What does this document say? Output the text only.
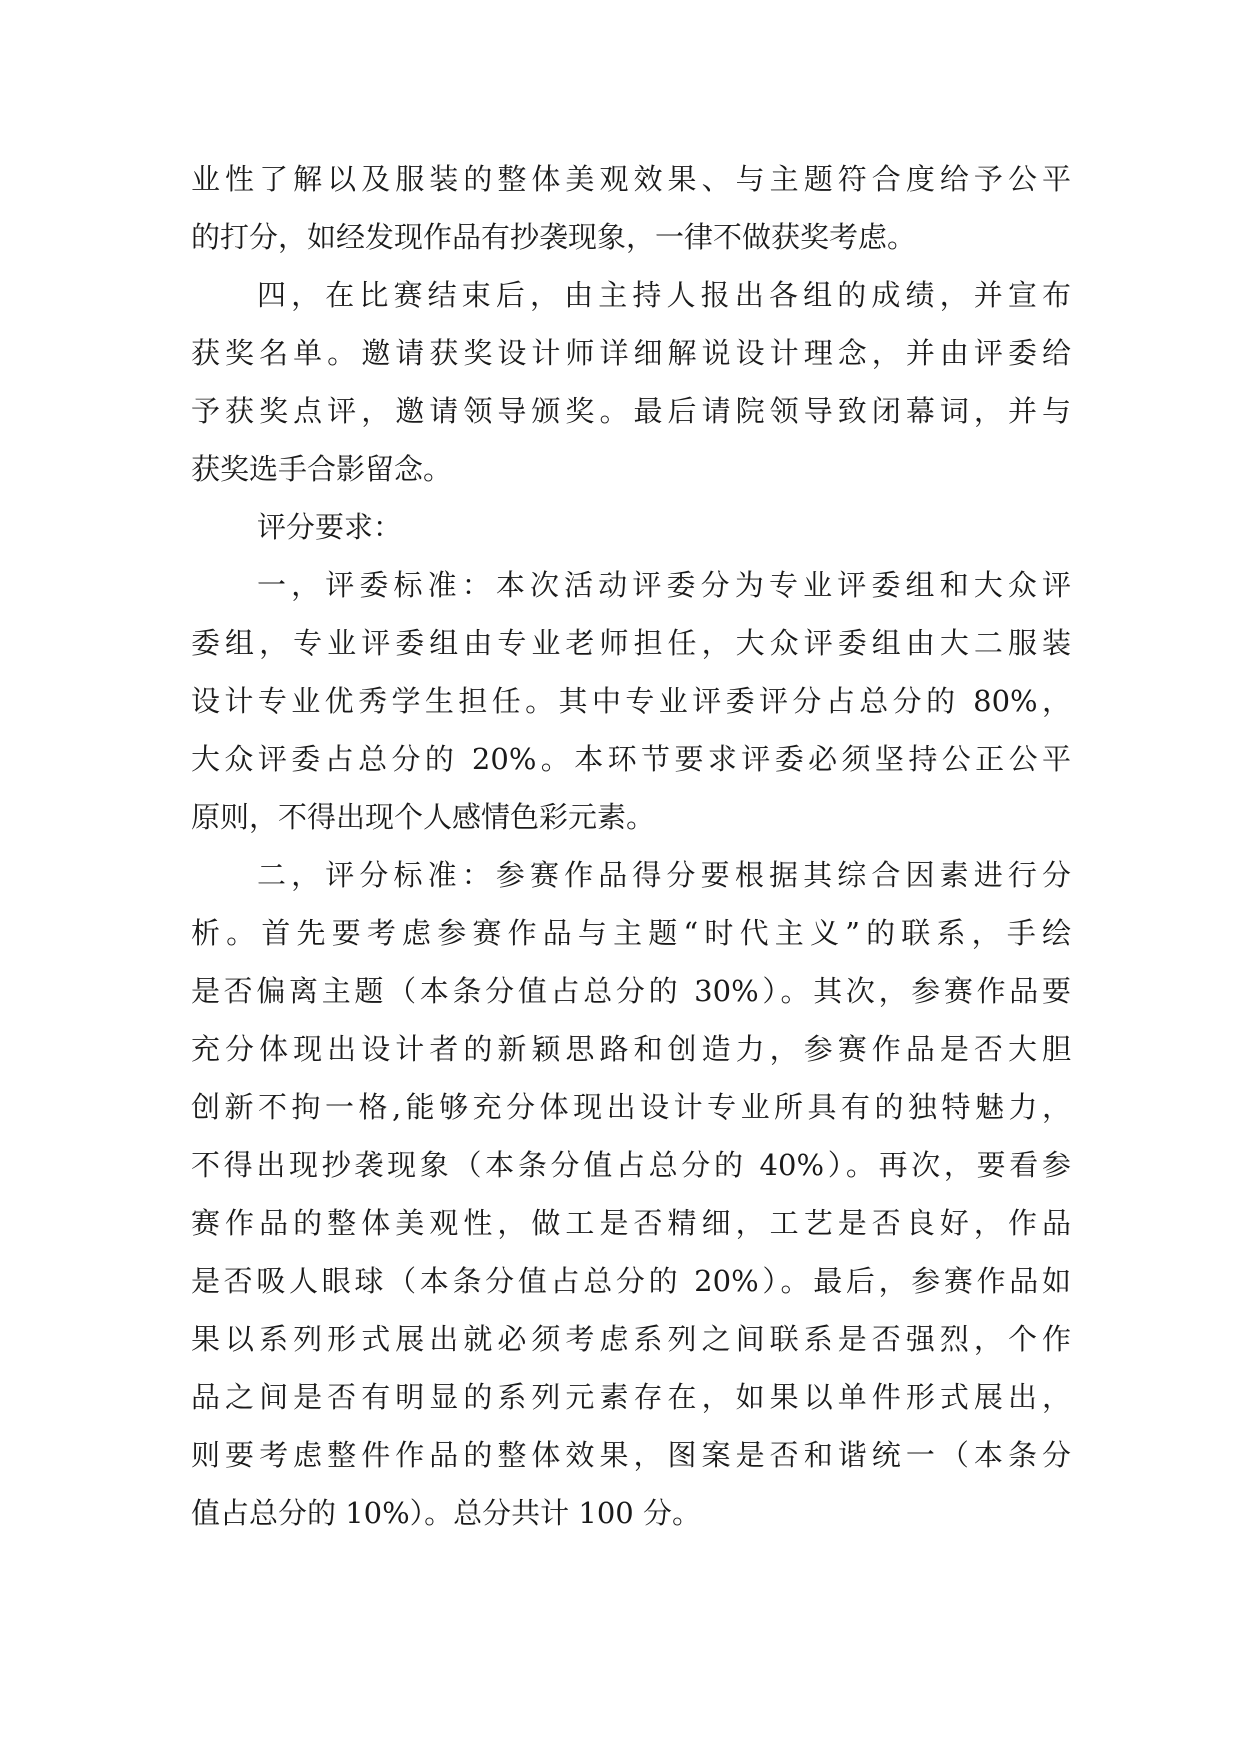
业性了解以及服装的整体美观效果、与主题符合度给予公平
的打分，如经发现作品有抄袭现象，一律不做获奖考虑。
四，在比赛结束后，由主持人报出各组的成绩，并宣布
获奖名单。邀请获奖设计师详细解说设计理念，并由评委给
予获奖点评，邀请领导颁奖。最后请院领导致闭幕词，并与
获奖选手合影留念。
评分要求：
一，评委标准：本次活动评委分为专业评委组和大众评
委组，专业评委组由专业老师担任，大众评委组由大二服装
设计专业优秀学生担任。其中专业评委评分占总分的 80%，
大众评委占总分的 20%。本环节要求评委必须坚持公正公平
原则，不得出现个人感情色彩元素。
二，评分标准：参赛作品得分要根据其综合因素进行分
析。首先要考虑参赛作品与主题“时代主义”的联系，手绘
是否偏离主题（本条分值占总分的 30%）。其次，参赛作品要
充分体现出设计者的新颖思路和创造力，参赛作品是否大胆
创新不拘一格,能够充分体现出设计专业所具有的独特魅力，
不得出现抄袭现象（本条分值占总分的 40%）。再次，要看参
赛作品的整体美观性，做工是否精细，工艺是否良好，作品
是否吸人眼球（本条分值占总分的 20%）。最后，参赛作品如
果以系列形式展出就必须考虑系列之间联系是否强烈，个作
品之间是否有明显的系列元素存在，如果以单件形式展出，
则要考虑整件作品的整体效果，图案是否和谐统一（本条分
值占总分的 10%）。总分共计 100 分。
